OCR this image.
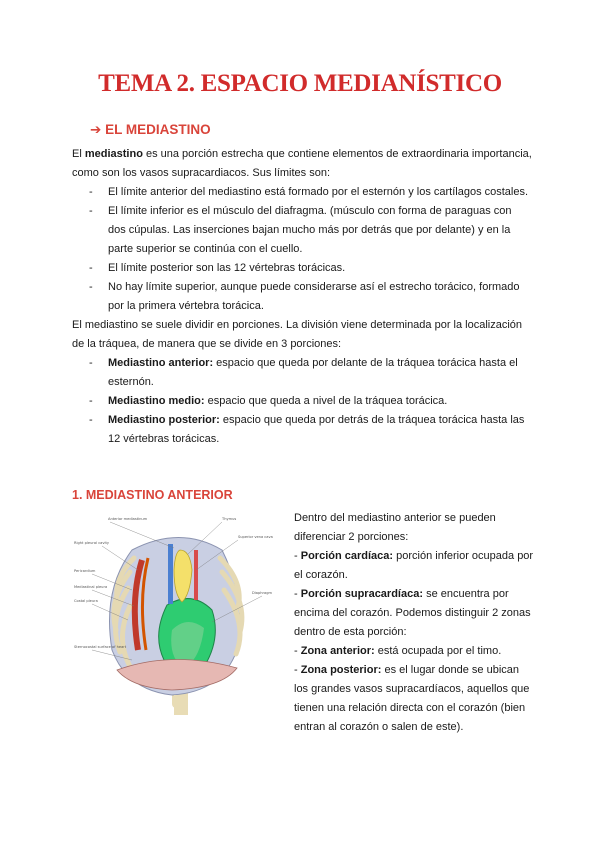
TEMA 2. ESPACIO MEDIANÍSTICO
➔ EL MEDIASTINO
El mediastino es una porción estrecha que contiene elementos de extraordinaria importancia, como son los vasos supracardiacos. Sus límites son:
- El límite anterior del mediastino está formado por el esternón y los cartílagos costales.
- El límite inferior es el músculo del diafragma. (músculo con forma de paraguas con dos cúpulas. Las inserciones bajan mucho más por detrás que por delante) y en la parte superior se continúa con el cuello.
- El límite posterior son las 12 vértebras torácicas.
- No hay límite superior, aunque puede considerarse así el estrecho torácico, formado por la primera vértebra torácica.
El mediastino se suele dividir en porciones. La división viene determinada por la localización de la tráquea, de manera que se divide en 3 porciones:
- Mediastino anterior: espacio que queda por delante de la tráquea torácica hasta el esternón.
- Mediastino medio: espacio que queda a nivel de la tráquea torácica.
- Mediastino posterior: espacio que queda por detrás de la tráquea torácica hasta las 12 vértebras torácicas.
1. MEDIASTINO ANTERIOR
Anterior mediastinum	Thymus
Right pleural cavity
Superior vena cava
Pericardium
Mediastinal pleura
Costal pleura
Diaphragm
Sternocostal surface of heart
Dentro del mediastino anterior se pueden diferenciar 2 porciones:
- Porción cardíaca: porción inferior ocupada por el corazón.
- Porción supracardíaca: se encuentra por encima del corazón. Podemos distinguir 2 zonas dentro de esta porción:
- Zona anterior: está ocupada por el timo.
- Zona posterior: es el lugar donde se ubican los grandes vasos supracardíacos, aquellos que tienen una relación directa con el corazón (bien entran al corazón o salen de este).
